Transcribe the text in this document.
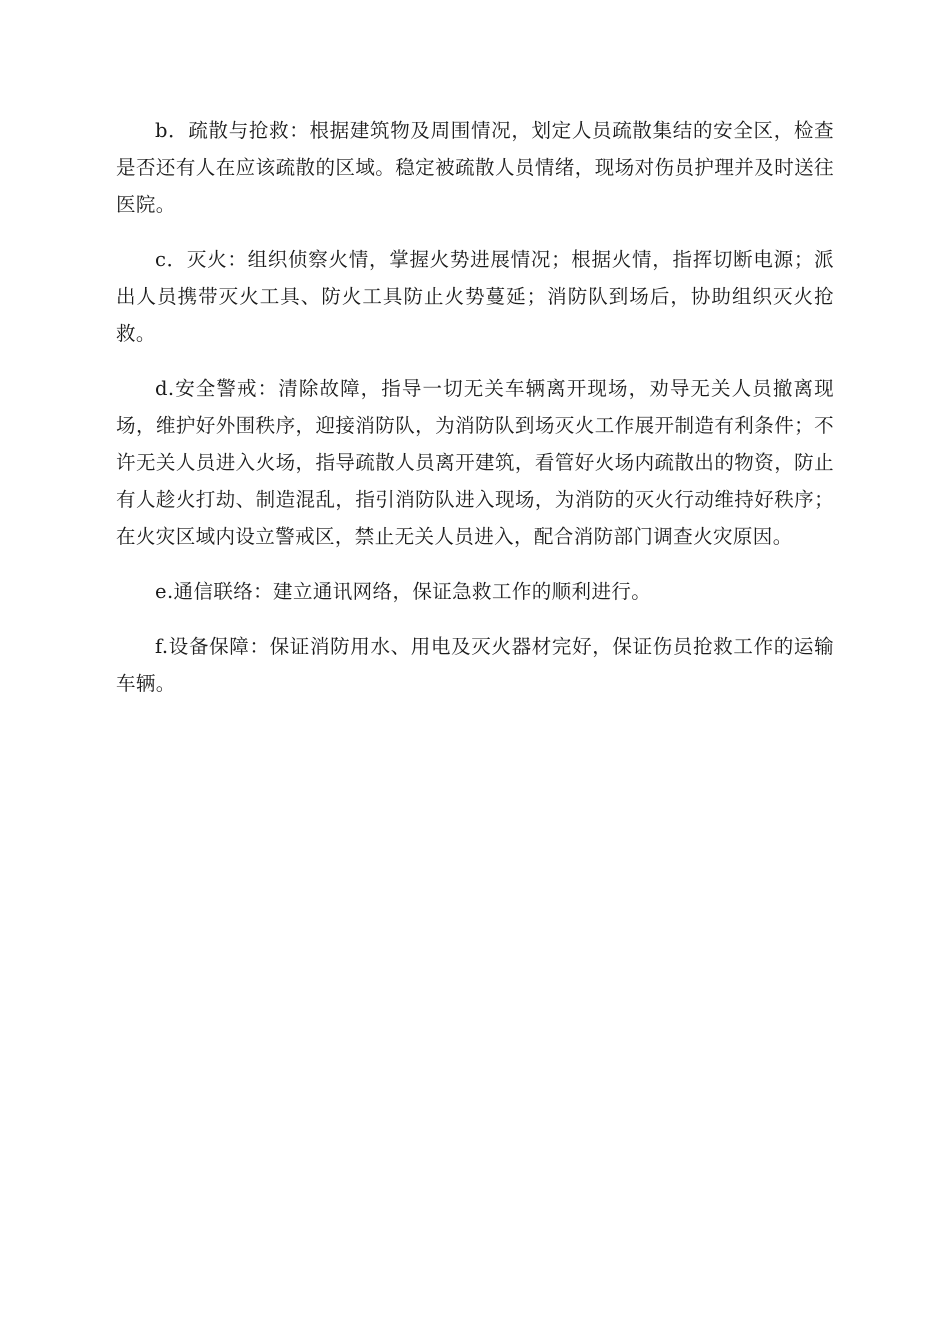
b．疏散与抢救：根据建筑物及周围情况，划定人员疏散集结的安全区，检查是否还有人在应该疏散的区域。稳定被疏散人员情绪，现场对伤员护理并及时送往医院。

c．灭火：组织侦察火情，掌握火势进展情况；根据火情，指挥切断电源；派出人员携带灭火工具、防火工具防止火势蔓延；消防队到场后，协助组织灭火抢救。

d.安全警戒：清除故障，指导一切无关车辆离开现场，劝导无关人员撤离现场，维护好外围秩序，迎接消防队，为消防队到场灭火工作展开制造有利条件；不许无关人员进入火场，指导疏散人员离开建筑，看管好火场内疏散出的物资，防止有人趁火打劫、制造混乱，指引消防队进入现场，为消防的灭火行动维持好秩序；在火灾区域内设立警戒区，禁止无关人员进入，配合消防部门调查火灾原因。

e.通信联络：建立通讯网络，保证急救工作的顺利进行。

f.设备保障：保证消防用水、用电及灭火器材完好，保证伤员抢救工作的运输车辆。
